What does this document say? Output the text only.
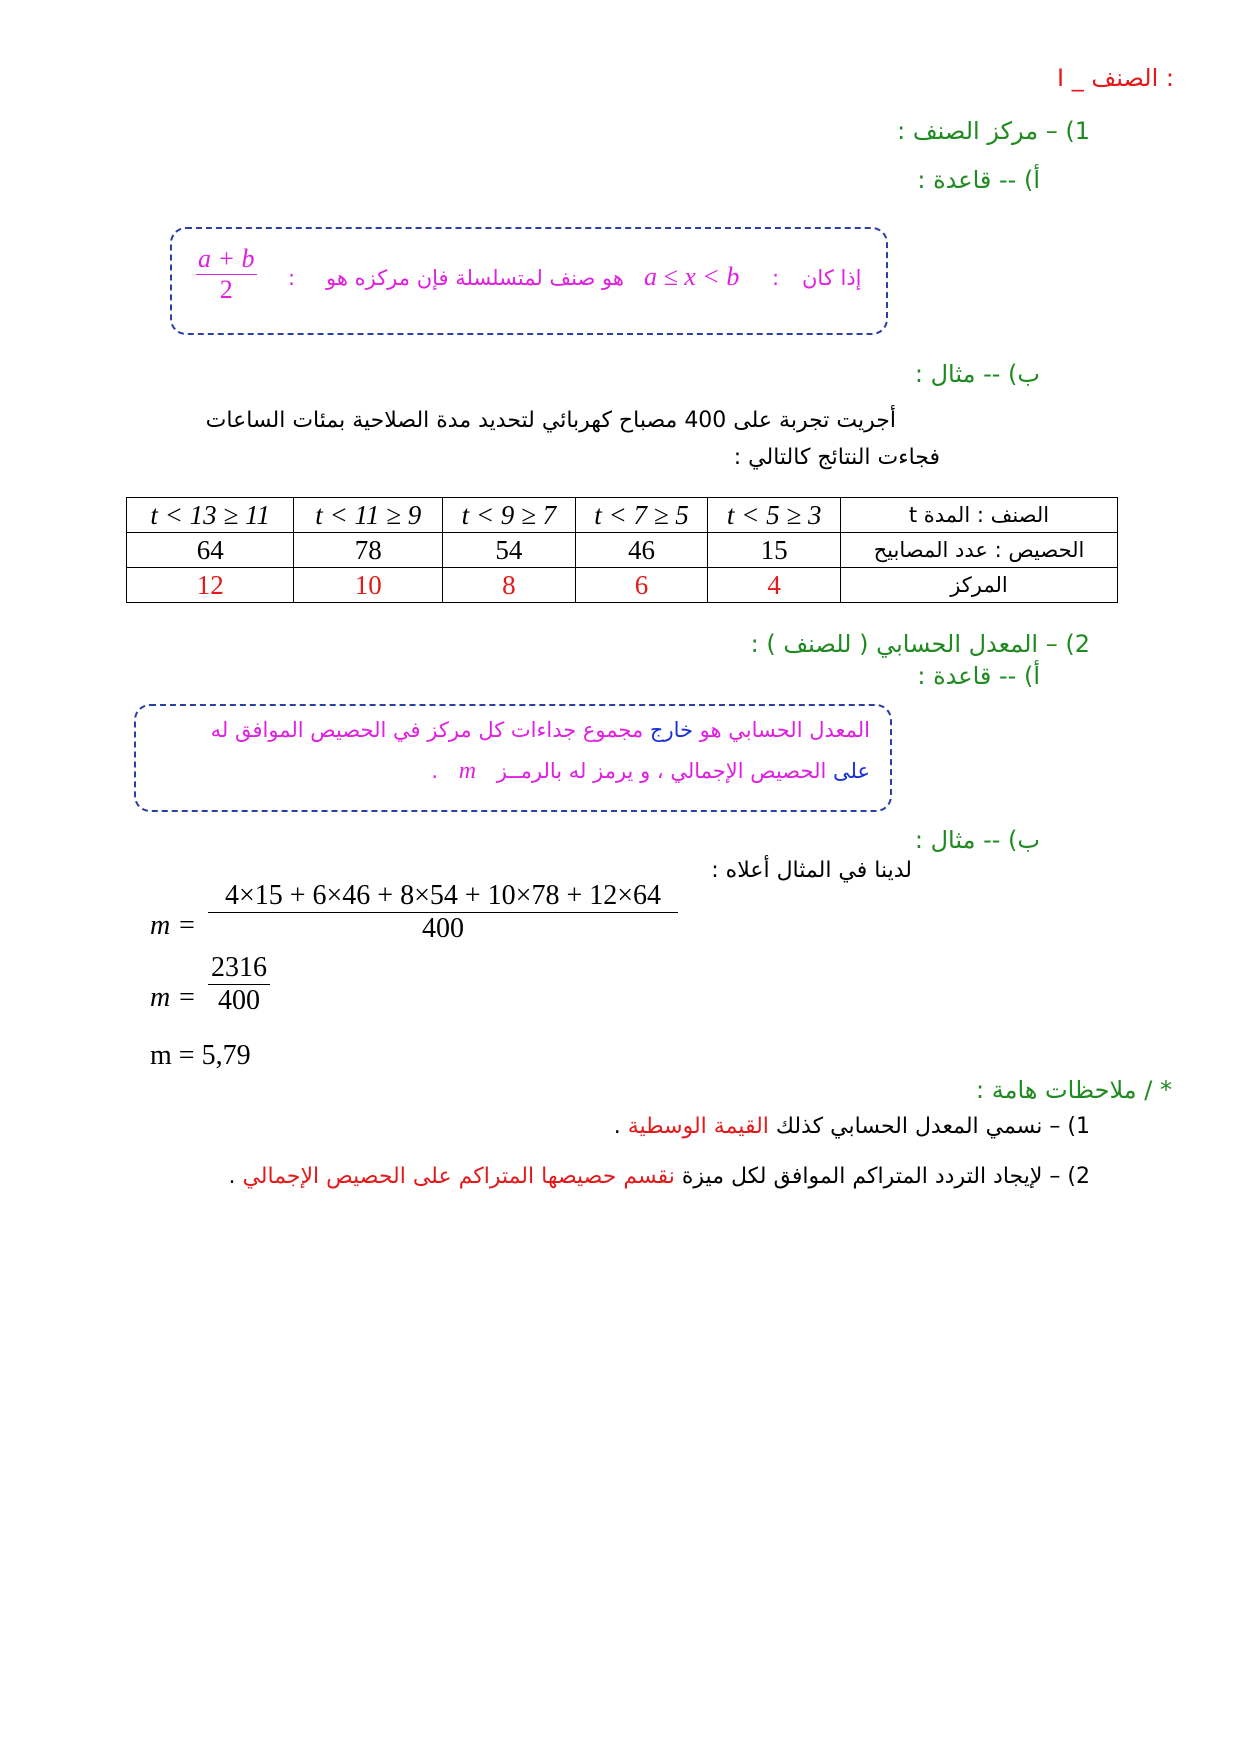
I _ الصنف :
1) – مركز الصنف :
أ) -- قاعدة :
$\frac{a + b}{2}$ : هو صنف لمتسلسلة فإن مركزه هو a ≤ x < b : إذا كان
ب) -- مثال :
أجريت تجربة على 400 مصباح كهربائي لتحديد مدة الصلاحية بمئات الساعات
فجاءت النتائج كالتالي :
الصنف : المدة t	3 ≤ t < 5	5 ≤ t < 7	7 ≤ t < 9	9 ≤ t < 11	11 ≤ t < 13
الحصيص : عدد المصابيح	15	46	54	78	64
المركز	4	6	8	10	12
2) – المعدل الحسابي ( للصنف ) :
أ) -- قاعدة :
المعدل الحسابي هو خارج مجموع جداءات كل مركز في الحصيص الموافق له
على الحصيص الإجمالي ، و يرمز له بالرمــز m .
ب) -- مثال :
لدينا في المثال أعلاه :
$m = \frac{4\times 15 + 6\times 46 + 8\times 54 + 10\times 78 + 12\times 64}{400}$
$m = \frac{2316}{400}$
m = 5,79
* / ملاحظات هامة :
1) – نسمي المعدل الحسابي كذلك القيمة الوسطية .
2) – لإيجاد التردد المتراكم الموافق لكل ميزة نقسم حصيصها المتراكم على الحصيص الإجمالي .
